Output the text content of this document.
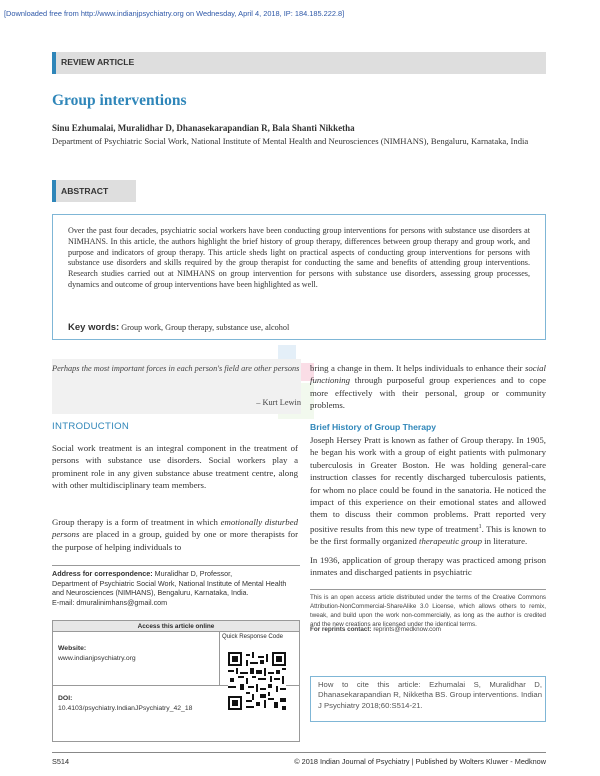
[Downloaded free from http://www.indianjpsychiatry.org on Wednesday, April 4, 2018, IP: 184.185.222.8]
REVIEW ARTICLE
Group interventions
Sinu Ezhumalai, Muralidhar D, Dhanasekarapandian R, Bala Shanti Nikketha
Department of Psychiatric Social Work, National Institute of Mental Health and Neurosciences (NIMHANS), Bengaluru, Karnataka, India
ABSTRACT
Over the past four decades, psychiatric social workers have been conducting group interventions for persons with substance use disorders at NIMHANS. In this article, the authors highlight the brief history of group therapy, differences between group therapy and group work, and purpose and indicators of group therapy. This article sheds light on practical aspects of conducting group interventions for persons with substance use disorders and skills required by the group therapist for conducting the same and benefits of attending group interventions. Research studies carried out at NIMHANS on group intervention for persons with substance use disorders, assessing group processes, dynamics and outcome of group interventions have been highlighted as well.
Key words: Group work, Group therapy, substance use, alcohol
Perhaps the most important forces in each person's field are other persons
– Kurt Lewin
INTRODUCTION
Social work treatment is an integral component in the treatment of persons with substance use disorders. Social workers play a prominent role in any given substance abuse treatment centre, along with other multidisciplinary team members.
Group therapy is a form of treatment in which emotionally disturbed persons are placed in a group, guided by one or more therapists for the purpose of helping individuals to
bring a change in them. It helps individuals to enhance their social functioning through purposeful group experiences and to cope more effectively with their personal, group or community problems.
Brief History of Group Therapy
Joseph Hersey Pratt is known as father of Group therapy. In 1905, he began his work with a group of eight patients with pulmonary tuberculosis in Greater Boston. He was holding general-care instruction classes for recently discharged tuberculosis patients, for whom no place could be found in the sanatoria. He noticed the impact of this experience on their emotional states and allowed them to discuss their common problems. Pratt reported very positive results from this new type of treatment$^1$. This is known to be the first formally organized therapeutic group in literature.
In 1936, application of group therapy was practiced among prison inmates and discharged patients in psychiatric
Address for correspondence: Muralidhar D, Professor,
Department of Psychiatric Social Work, National Institute of Mental Health and Neurosciences (NIMHANS), Bengaluru, Karnataka, India.
E-mail: dmuralinimhans@gmail.com
Access this article online
Quick Response Code
Website:
www.indianjpsychiatry.org
DOI:
10.4103/psychiatry.IndianJPsychiatry_42_18
This is an open access article distributed under the terms of the Creative Commons Attribution-NonCommercial-ShareAlike 3.0 License, which allows others to remix, tweak, and build upon the work non-commercially, as long as the author is credited and the new creations are licensed under the identical terms.
For reprints contact: reprints@medknow.com
How to cite this article: Ezhumalai S, Muralidhar D, Dhanasekarapandian R, Nikketha BS. Group interventions. Indian J Psychiatry 2018;60:S514-21.
S514	© 2018 Indian Journal of Psychiatry | Published by Wolters Kluwer - Medknow
